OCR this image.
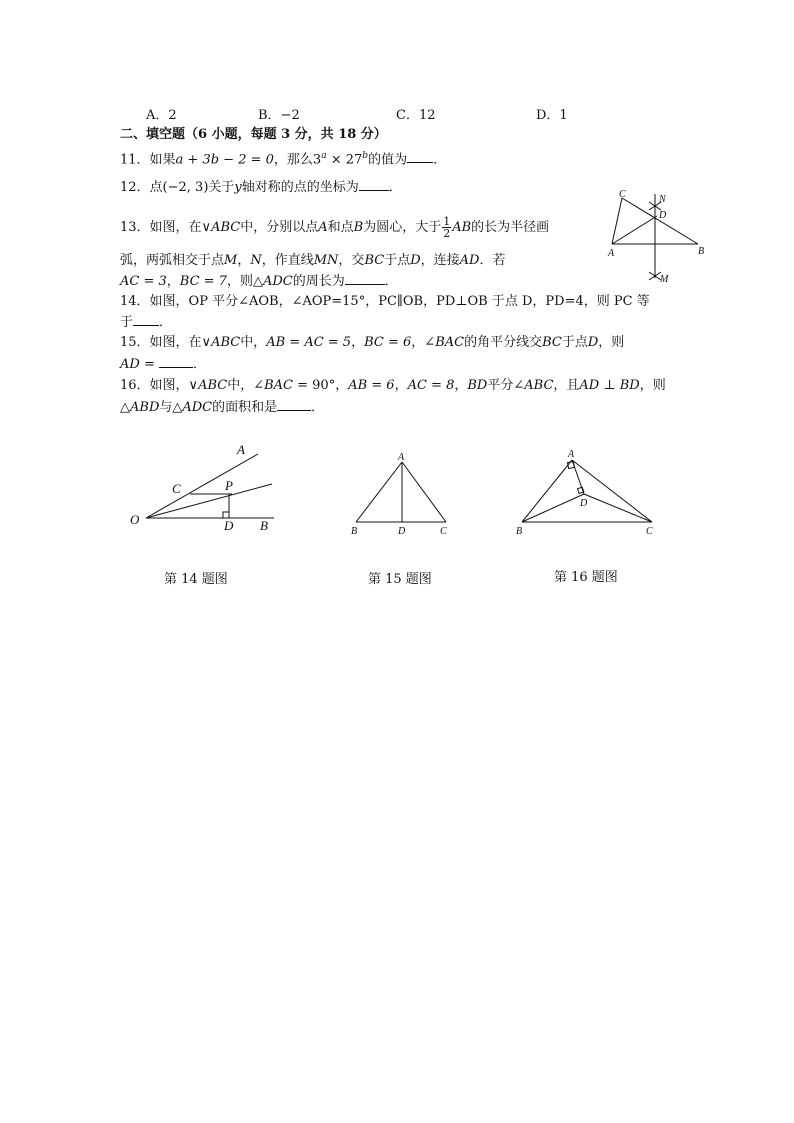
A．2	B．−2	C．12	D．1
二、填空题（6 小题，每题 3 分，共 18 分）
11．如果a + 3b − 2 = 0，那么$3^a \times 27^b$的值为 ．
12．点(−2, 3)关于y轴对称的点的坐标为 ．
13．如图，在∨ABC中，分别以点A和点B为圆心，大于 $\frac{1}{2}$ AB的长为半径画
弧，两弧相交于点M，N，作直线MN，交BC于点D，连接AD．若
AC = 3，BC = 7，则△ADC的周长为	．
14．如图，OP 平分∠AOB，∠AOP=15°，PC∥OB，PD⊥OB 于点 D，PD=4，则 PC 等
于 ．
15．如图，在∨ABC中，AB = AC = 5，BC = 6，∠BAC的角平分线交BC于点D，则
AD =	．
16．如图，∨ABC中，∠BAC = 90°，AB = 6，AC = 8，BD平分∠ABC，且AD ⊥ BD，则
△ABD与△ADC的面积和是	．
C	N
D
A	B
M
A
C	P
O	D B
A
B	D	C
A
D
B	C
第 14 题图	第 15 题图	第 16 题图
